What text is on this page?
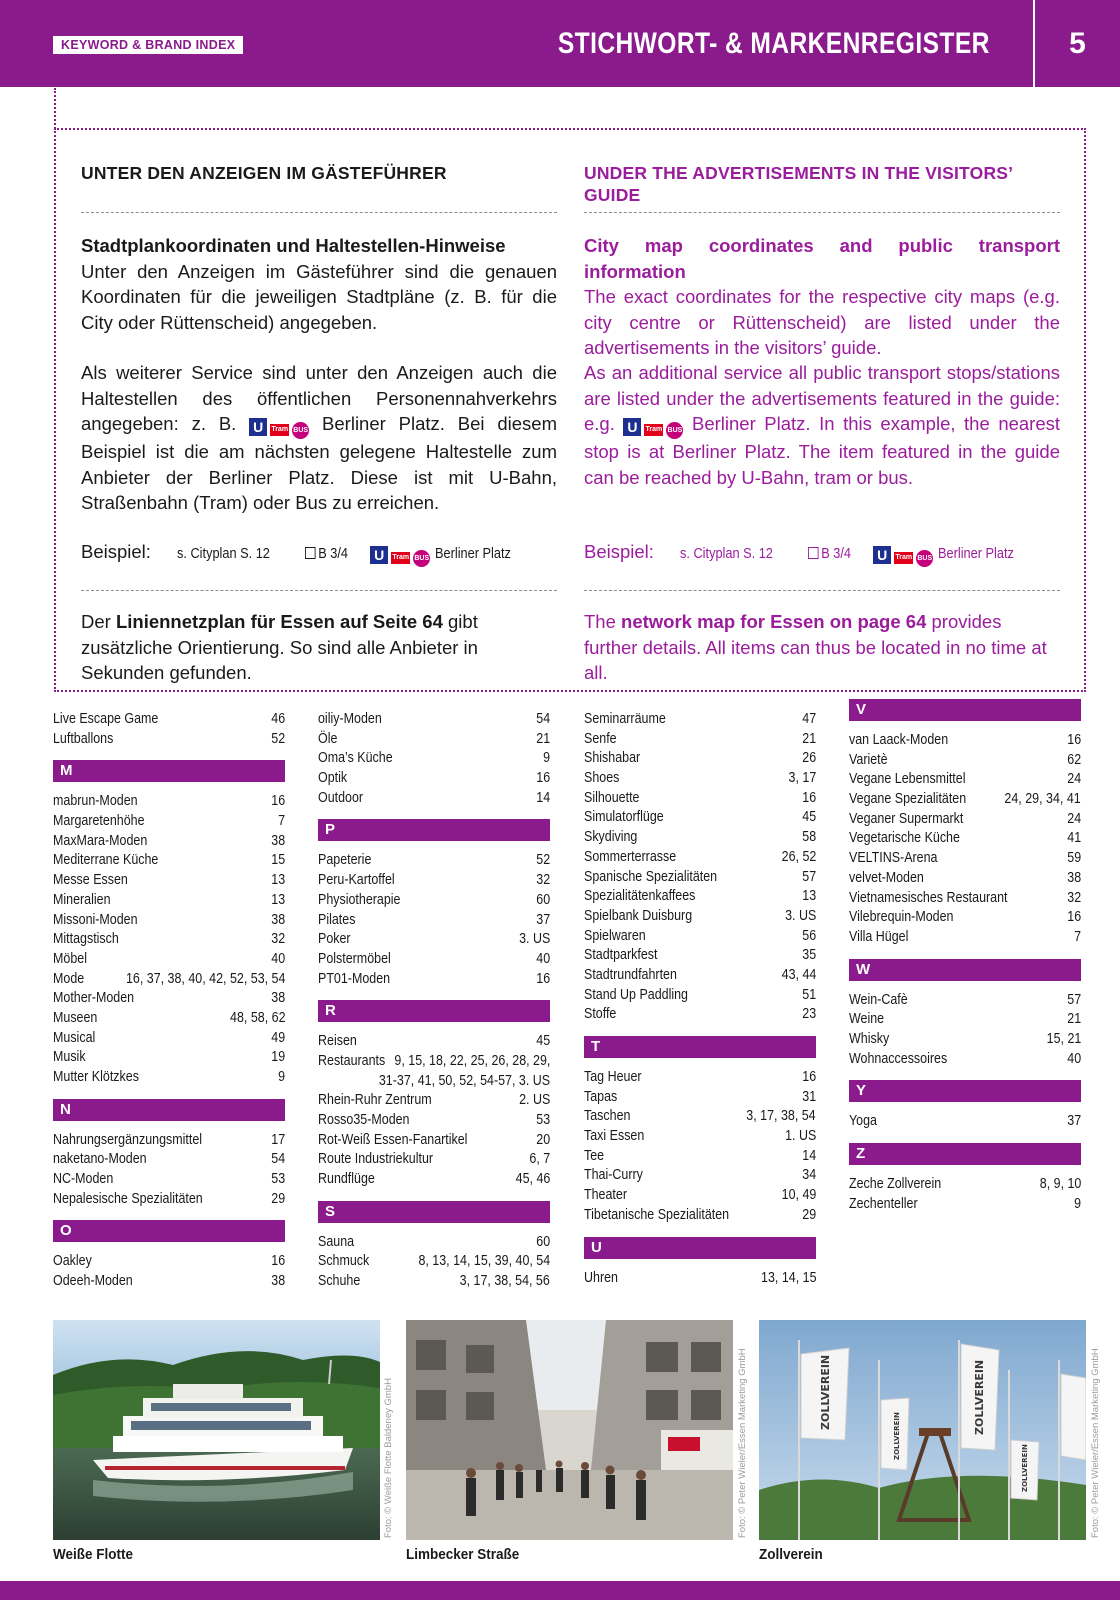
KEYWORD & BRAND INDEX	STICHWORT- & MARKENREGISTER	5
UNTER DEN ANZEIGEN IM GÄSTEFÜHRER
Stadtplankoordinaten und Haltestellen-Hinweise
Unter den Anzeigen im Gästeführer sind die genauen Koordinaten für die jeweiligen Stadtpläne (z. B. für die City oder Rüttenscheid) angegeben.
Als weiterer Service sind unter den Anzeigen auch die Haltestellen des öffentlichen Personennahverkehrs angegeben: z. B. U Tram BUS Berliner Platz. Bei diesem Beispiel ist die am nächsten gelegene Haltestelle zum Anbieter der Berliner Platz. Diese ist mit U-Bahn, Straßenbahn (Tram) oder Bus zu erreichen.
Beispiel: s. Cityplan S. 12	B 3/4 U Tram BUS Berliner Platz
Der Liniennetzplan für Essen auf Seite 64 gibt zusätzliche Orientierung. So sind alle Anbieter in Sekunden gefunden.
UNDER THE ADVERTISEMENTS IN THE VISITORS’ GUIDE
City map coordinates and public transport information
The exact coordinates for the respective city maps (e.g. city centre or Rüttenscheid) are listed under the advertisements in the visitors’ guide.
As an additional service all public transport stops/stations are listed under the advertisements featured in the guide: e.g. U Tram BUS Berliner Platz. In this example, the nearest stop is at Berliner Platz. The item featured in the guide can be reached by U-Bahn, tram or bus.
Beispiel: s. Cityplan S. 12	B 3/4 U Tram BUS Berliner Platz
The network map for Essen on page 64 provides further details. All items can thus be located in no time at all.
Live Escape Game	46
Luftballons	52
M
mabrun-Moden	16
Margaretenhöhe	7
MaxMara-Moden	38
Mediterrane Küche	15
Messe Essen	13
Mineralien	13
Missoni-Moden	38
Mittagstisch	32
Möbel	40
Mode	16, 37, 38, 40, 42, 52, 53, 54
Mother-Moden	38
Museen	48, 58, 62
Musical	49
Musik	19
Mutter Klötzkes	9
N
Nahrungsergänzungsmittel	17
naketano-Moden	54
NC-Moden	53
Nepalesische Spezialitäten	29
O
Oakley	16
Odeeh-Moden	38
oiliy-Moden	54
Öle	21
Oma’s Küche	9
Optik	16
Outdoor	14
P
Papeterie	52
Peru-Kartoffel	32
Physiotherapie	60
Pilates	37
Poker	3. US
Polstermöbel	40
PT01-Moden	16
R
Reisen	45
Restaurants 9, 15, 18, 22, 25, 26, 28, 29,
31-37, 41, 50, 52, 54-57, 3. US
Rhein-Ruhr Zentrum	2. US
Rosso35-Moden	53
Rot-Weiß Essen-Fanartikel	20
Route Industriekultur	6, 7
Rundflüge	45, 46
S
Sauna	60
Schmuck	8, 13, 14, 15, 39, 40, 54
Schuhe	3, 17, 38, 54, 56
Seminarräume	47
Senfe	21
Shishabar	26
Shoes	3, 17
Silhouette	16
Simulatorflüge	45
Skydiving	58
Sommerterrasse	26, 52
Spanische Spezialitäten	57
Spezialitätenkaffees	13
Spielbank Duisburg	3. US
Spielwaren	56
Stadtparkfest	35
Stadtrundfahrten	43, 44
Stand Up Paddling	51
Stoffe	23
T
Tag Heuer	16
Tapas	31
Taschen	3, 17, 38, 54
Taxi Essen	1. US
Tee	14
Thai-Curry	34
Theater	10, 49
Tibetanische Spezialitäten	29
U
Uhren	13, 14, 15
V
van Laack-Moden	16
Varietè	62
Vegane Lebensmittel	24
Vegane Spezialitäten	24, 29, 34, 41
Veganer Supermarkt	24
Vegetarische Küche	41
VELTINS-Arena	59
velvet-Moden	38
Vietnamesisches Restaurant	32
Vilebrequin-Moden	16
Villa Hügel	7
W
Wein-Cafè	57
Weine	21
Whisky	15, 21
Wohnaccessoires	40
Y
Yoga	37
Z
Zeche Zollverein	8, 9, 10
Zechenteller	9
Foto: © Weiße Flotte Baldeney GmbH
Weiße Flotte
Foto: © Peter Wieler/Essen Marketing GmbH
Limbecker Straße
ZOLLVEREIN	ZOLLVEREIN
ZOLLVEREIN
ZOLLVEREIN	Foto: © Peter Wieler/Essen Marketing GmbH
Zollverein
